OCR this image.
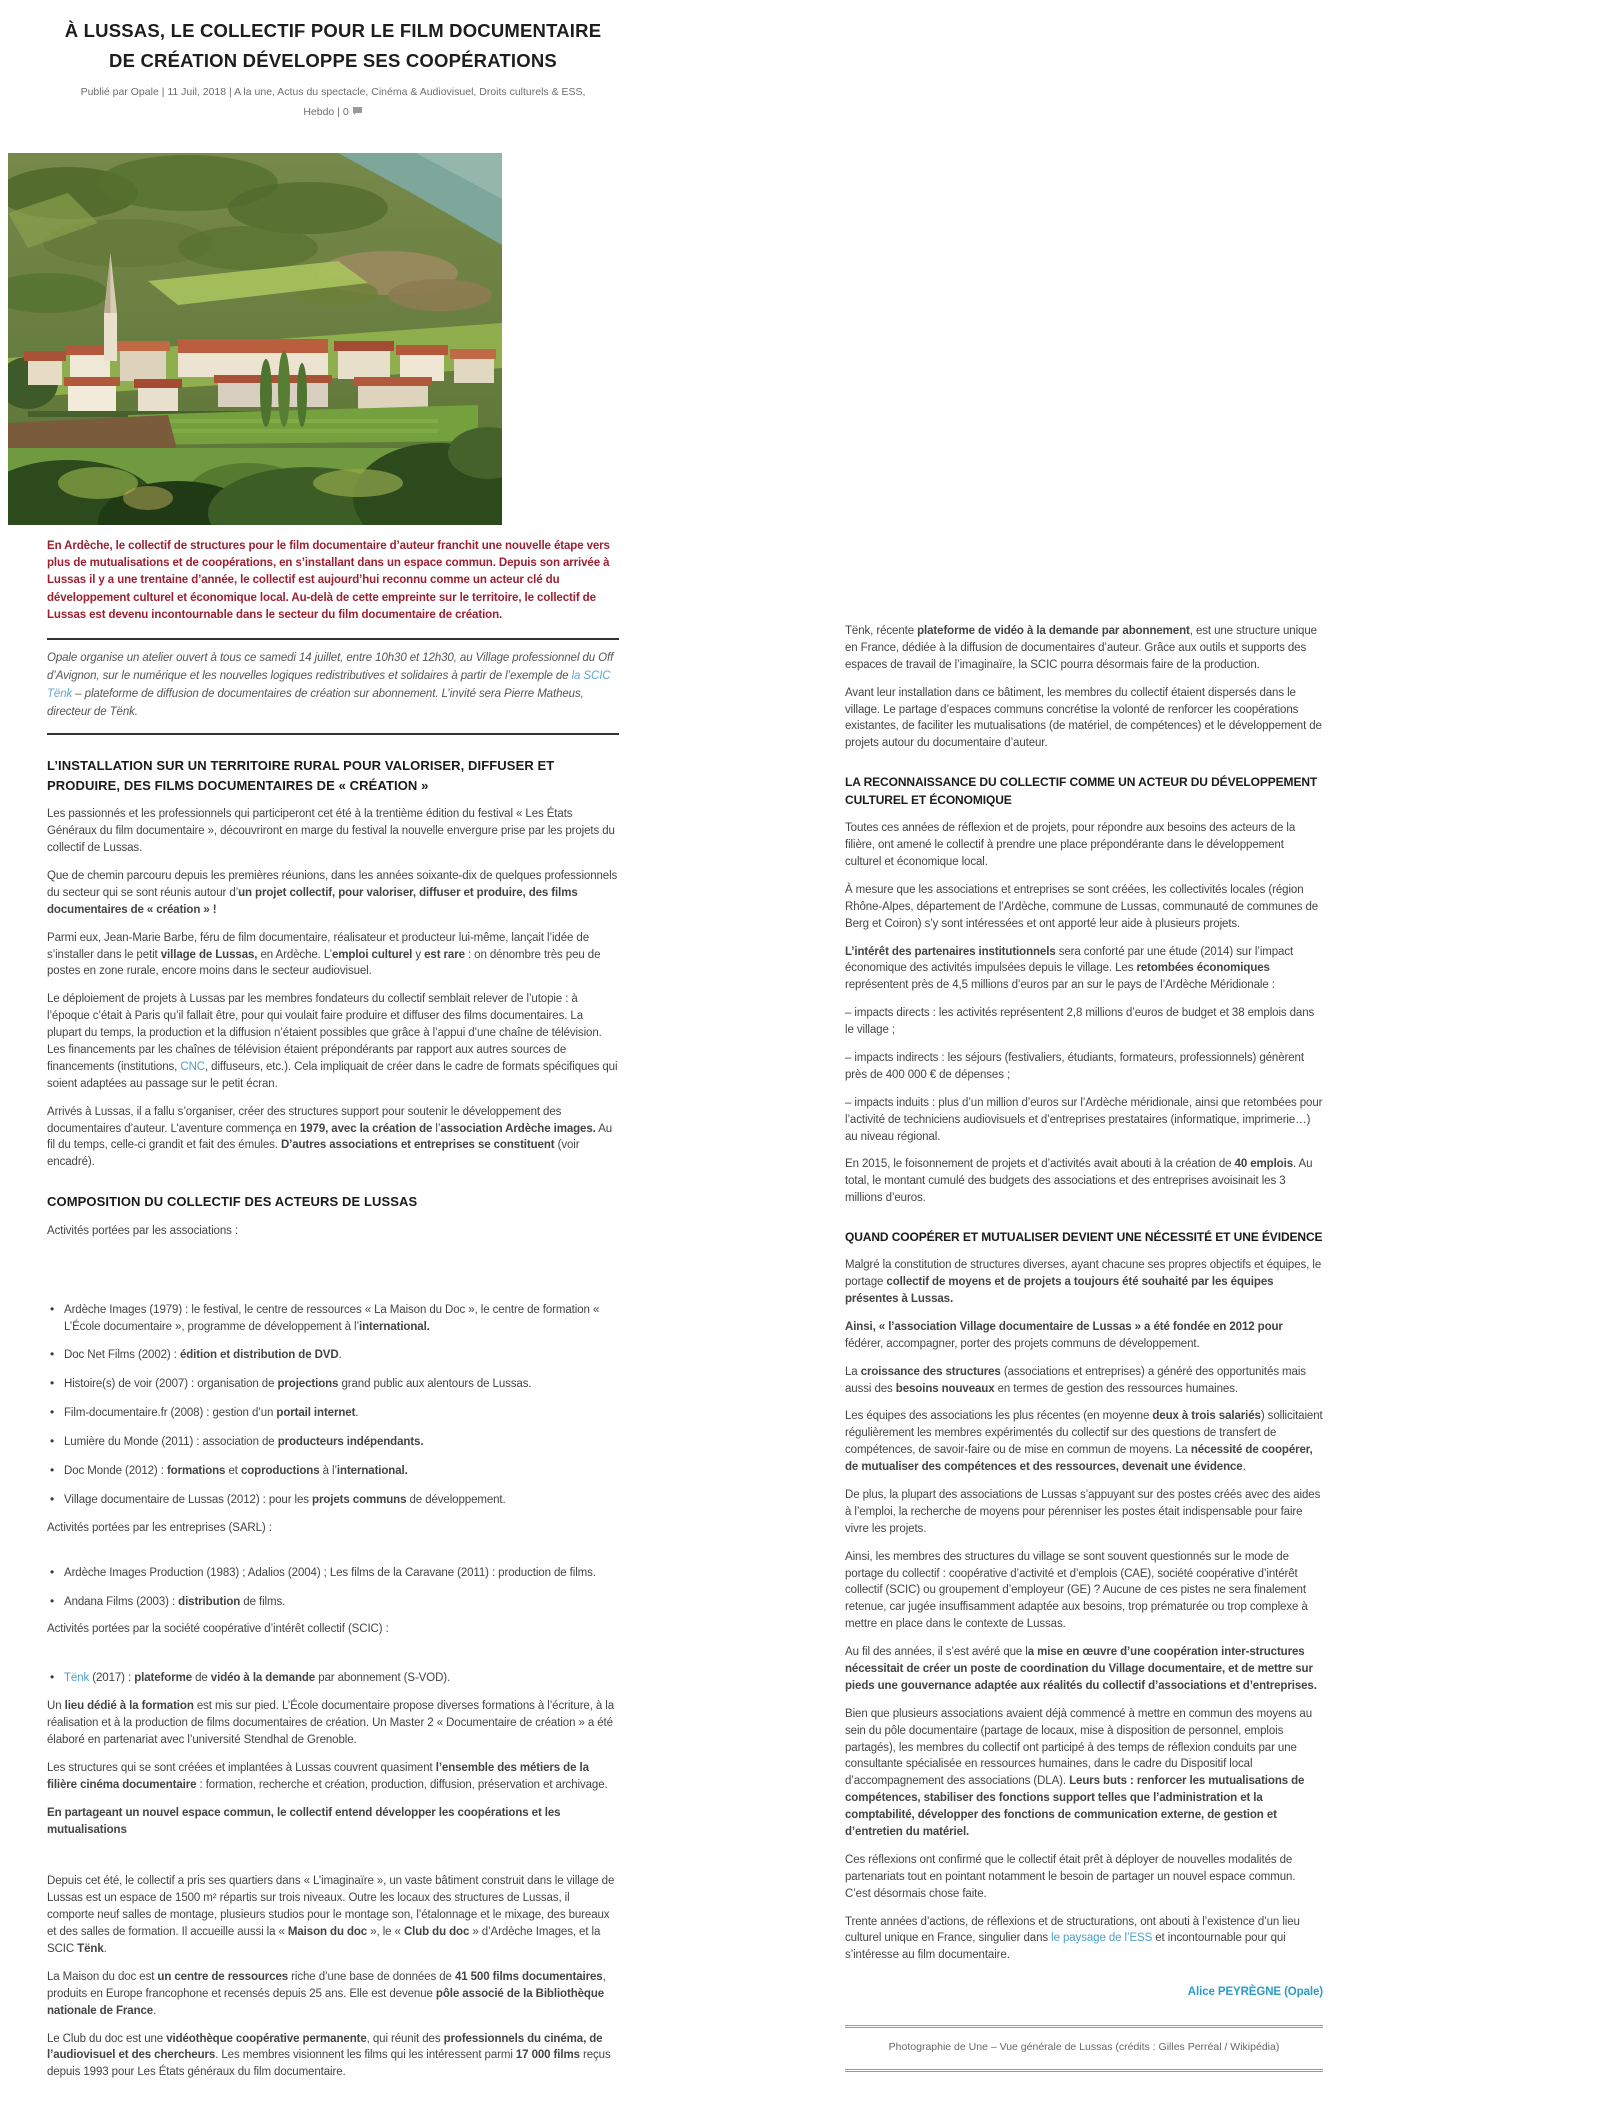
À LUSSAS, LE COLLECTIF POUR LE FILM DOCUMENTAIRE
DE CRÉATION DÉVELOPPE SES COOPÉRATIONS
Publié par Opale | 11 Juil, 2018 | A la une, Actus du spectacle, Cinéma & Audiovisuel, Droits culturels & ESS,
Hebdo | 0
En Ardèche, le collectif de structures pour le film documentaire d’auteur franchit une nouvelle étape vers plus de mutualisations et de coopérations, en s’installant dans un espace commun. Depuis son arrivée à Lussas il y a une trentaine d’année, le collectif est aujourd’hui reconnu comme un acteur clé du développement culturel et économique local. Au-delà de cette empreinte sur le territoire, le collectif de Lussas est devenu incontournable dans le secteur du film documentaire de création.
Opale organise un atelier ouvert à tous ce samedi 14 juillet, entre 10h30 et 12h30, au Village professionnel du Off d’Avignon, sur le numérique et les nouvelles logiques redistributives et solidaires à partir de l’exemple de la SCIC Tënk – plateforme de diffusion de documentaires de création sur abonnement. L’invité sera Pierre Matheus, directeur de Tënk.
L’INSTALLATION SUR UN TERRITOIRE RURAL POUR VALORISER, DIFFUSER ET PRODUIRE, DES FILMS DOCUMENTAIRES DE « CRÉATION »
Les passionnés et les professionnels qui participeront cet été à la trentième édition du festival « Les États Généraux du film documentaire », découvriront en marge du festival la nouvelle envergure prise par les projets du collectif de Lussas.
Que de chemin parcouru depuis les premières réunions, dans les années soixante-dix de quelques professionnels du secteur qui se sont réunis autour d’un projet collectif, pour valoriser, diffuser et produire, des films documentaires de « création » !
Parmi eux, Jean-Marie Barbe, féru de film documentaire, réalisateur et producteur lui-même, lançait l’idée de s’installer dans le petit village de Lussas, en Ardèche. L’emploi culturel y est rare : on dénombre très peu de postes en zone rurale, encore moins dans le secteur audiovisuel.
Le déploiement de projets à Lussas par les membres fondateurs du collectif semblait relever de l’utopie : à l’époque c’était à Paris qu’il fallait être, pour qui voulait faire produire et diffuser des films documentaires. La plupart du temps, la production et la diffusion n’étaient possibles que grâce à l’appui d’une chaîne de télévision. Les financements par les chaînes de télévision étaient prépondérants par rapport aux autres sources de financements (institutions, CNC, diffuseurs, etc.). Cela impliquait de créer dans le cadre de formats spécifiques qui soient adaptées au passage sur le petit écran.
Arrivés à Lussas, il a fallu s’organiser, créer des structures support pour soutenir le développement des documentaires d’auteur. L’aventure commença en 1979, avec la création de l’association Ardèche images. Au fil du temps, celle-ci grandit et fait des émules. D’autres associations et entreprises se constituent (voir encadré).
COMPOSITION DU COLLECTIF DES ACTEURS DE LUSSAS
Activités portées par les associations :
• Ardèche Images (1979) : le festival, le centre de ressources « La Maison du Doc », le centre de formation « L’École documentaire », programme de développement à l’international.
• Doc Net Films (2002) : édition et distribution de DVD.
• Histoire(s) de voir (2007) : organisation de projections grand public aux alentours de Lussas.
• Film-documentaire.fr (2008) : gestion d’un portail internet.
• Lumière du Monde (2011) : association de producteurs indépendants.
• Doc Monde (2012) : formations et coproductions à l’international.
• Village documentaire de Lussas (2012) : pour les projets communs de développement.
Activités portées par les entreprises (SARL) :
• Ardèche Images Production (1983) ; Adalios (2004) ; Les films de la Caravane (2011) : production de films.
• Andana Films (2003) : distribution de films.
Activités portées par la société coopérative d’intérêt collectif (SCIC) :
• Tënk (2017) : plateforme de vidéo à la demande par abonnement (S-VOD).
Un lieu dédié à la formation est mis sur pied. L’École documentaire propose diverses formations à l’écriture, à la réalisation et à la production de films documentaires de création. Un Master 2 « Documentaire de création » a été élaboré en partenariat avec l’université Stendhal de Grenoble.
Les structures qui se sont créées et implantées à Lussas couvrent quasiment l’ensemble des métiers de la filière cinéma documentaire : formation, recherche et création, production, diffusion, préservation et archivage.
En partageant un nouvel espace commun, le collectif entend développer les coopérations et les mutualisations
Depuis cet été, le collectif a pris ses quartiers dans « L’imaginaïre », un vaste bâtiment construit dans le village de Lussas est un espace de 1500 m² répartis sur trois niveaux. Outre les locaux des structures de Lussas, il comporte neuf salles de montage, plusieurs studios pour le montage son, l’étalonnage et le mixage, des bureaux et des salles de formation. Il accueille aussi la « Maison du doc », le « Club du doc » d’Ardèche Images, et la SCIC Tënk.
La Maison du doc est un centre de ressources riche d’une base de données de 41 500 films documentaires, produits en Europe francophone et recensés depuis 25 ans. Elle est devenue pôle associé de la Bibliothèque nationale de France.
Le Club du doc est une vidéothèque coopérative permanente, qui réunit des professionnels du cinéma, de l’audiovisuel et des chercheurs. Les membres visionnent les films qui les intéressent parmi 17 000 films reçus depuis 1993 pour Les États généraux du film documentaire.
Tënk, récente plateforme de vidéo à la demande par abonnement, est une structure unique en France, dédiée à la diffusion de documentaires d’auteur. Grâce aux outils et supports des espaces de travail de l’imaginaïre, la SCIC pourra désormais faire de la production.
Avant leur installation dans ce bâtiment, les membres du collectif étaient dispersés dans le village. Le partage d’espaces communs concrétise la volonté de renforcer les coopérations existantes, de faciliter les mutualisations (de matériel, de compétences) et le développement de projets autour du documentaire d’auteur.
LA RECONNAISSANCE DU COLLECTIF COMME UN ACTEUR DU DÉVELOPPEMENT CULTUREL ET ÉCONOMIQUE
Toutes ces années de réflexion et de projets, pour répondre aux besoins des acteurs de la filière, ont amené le collectif à prendre une place prépondérante dans le développement culturel et économique local.
À mesure que les associations et entreprises se sont créées, les collectivités locales (région Rhône-Alpes, département de l’Ardèche, commune de Lussas, communauté de communes de Berg et Coiron) s’y sont intéressées et ont apporté leur aide à plusieurs projets.
L’intérêt des partenaires institutionnels sera conforté par une étude (2014) sur l’impact économique des activités impulsées depuis le village. Les retombées économiques représentent près de 4,5 millions d’euros par an sur le pays de l’Ardèche Méridionale :
– impacts directs : les activités représentent 2,8 millions d’euros de budget et 38 emplois dans le village ;
– impacts indirects : les séjours (festivaliers, étudiants, formateurs, professionnels) génèrent près de 400 000 € de dépenses ;
– impacts induits : plus d’un million d’euros sur l’Ardèche méridionale, ainsi que retombées pour l’activité de techniciens audiovisuels et d’entreprises prestataires (informatique, imprimerie…) au niveau régional.
En 2015, le foisonnement de projets et d’activités avait abouti à la création de 40 emplois. Au total, le montant cumulé des budgets des associations et des entreprises avoisinait les 3 millions d’euros.
QUAND COOPÉRER ET MUTUALISER DEVIENT UNE NÉCESSITÉ ET UNE ÉVIDENCE
Malgré la constitution de structures diverses, ayant chacune ses propres objectifs et équipes, le portage collectif de moyens et de projets a toujours été souhaité par les équipes présentes à Lussas.
Ainsi, « l’association Village documentaire de Lussas » a été fondée en 2012 pour fédérer, accompagner, porter des projets communs de développement.
La croissance des structures (associations et entreprises) a généré des opportunités mais aussi des besoins nouveaux en termes de gestion des ressources humaines.
Les équipes des associations les plus récentes (en moyenne deux à trois salariés) sollicitaient régulièrement les membres expérimentés du collectif sur des questions de transfert de compétences, de savoir-faire ou de mise en commun de moyens. La nécessité de coopérer, de mutualiser des compétences et des ressources, devenait une évidence.
De plus, la plupart des associations de Lussas s’appuyant sur des postes créés avec des aides à l’emploi, la recherche de moyens pour pérenniser les postes était indispensable pour faire vivre les projets.
Ainsi, les membres des structures du village se sont souvent questionnés sur le mode de portage du collectif : coopérative d’activité et d’emplois (CAE), société coopérative d’intérêt collectif (SCIC) ou groupement d’employeur (GE) ? Aucune de ces pistes ne sera finalement retenue, car jugée insuffisamment adaptée aux besoins, trop prématurée ou trop complexe à mettre en place dans le contexte de Lussas.
Au fil des années, il s’est avéré que la mise en œuvre d’une coopération inter-structures nécessitait de créer un poste de coordination du Village documentaire, et de mettre sur pieds une gouvernance adaptée aux réalités du collectif d’associations et d’entreprises.
Bien que plusieurs associations avaient déjà commencé à mettre en commun des moyens au sein du pôle documentaire (partage de locaux, mise à disposition de personnel, emplois partagés), les membres du collectif ont participé à des temps de réflexion conduits par une consultante spécialisée en ressources humaines, dans le cadre du Dispositif local d’accompagnement des associations (DLA). Leurs buts : renforcer les mutualisations de compétences, stabiliser des fonctions support telles que l’administration et la comptabilité, développer des fonctions de communication externe, de gestion et d’entretien du matériel.
Ces réflexions ont confirmé que le collectif était prêt à déployer de nouvelles modalités de partenariats tout en pointant notamment le besoin de partager un nouvel espace commun. C’est désormais chose faite.
Trente années d’actions, de réflexions et de structurations, ont abouti à l’existence d’un lieu culturel unique en France, singulier dans le paysage de l’ESS et incontournable pour qui s’intéresse au film documentaire.
Alice PEYRÈGNE (Opale)
Photographie de Une – Vue générale de Lussas (crédits : Gilles Perréal / Wikipédia)
